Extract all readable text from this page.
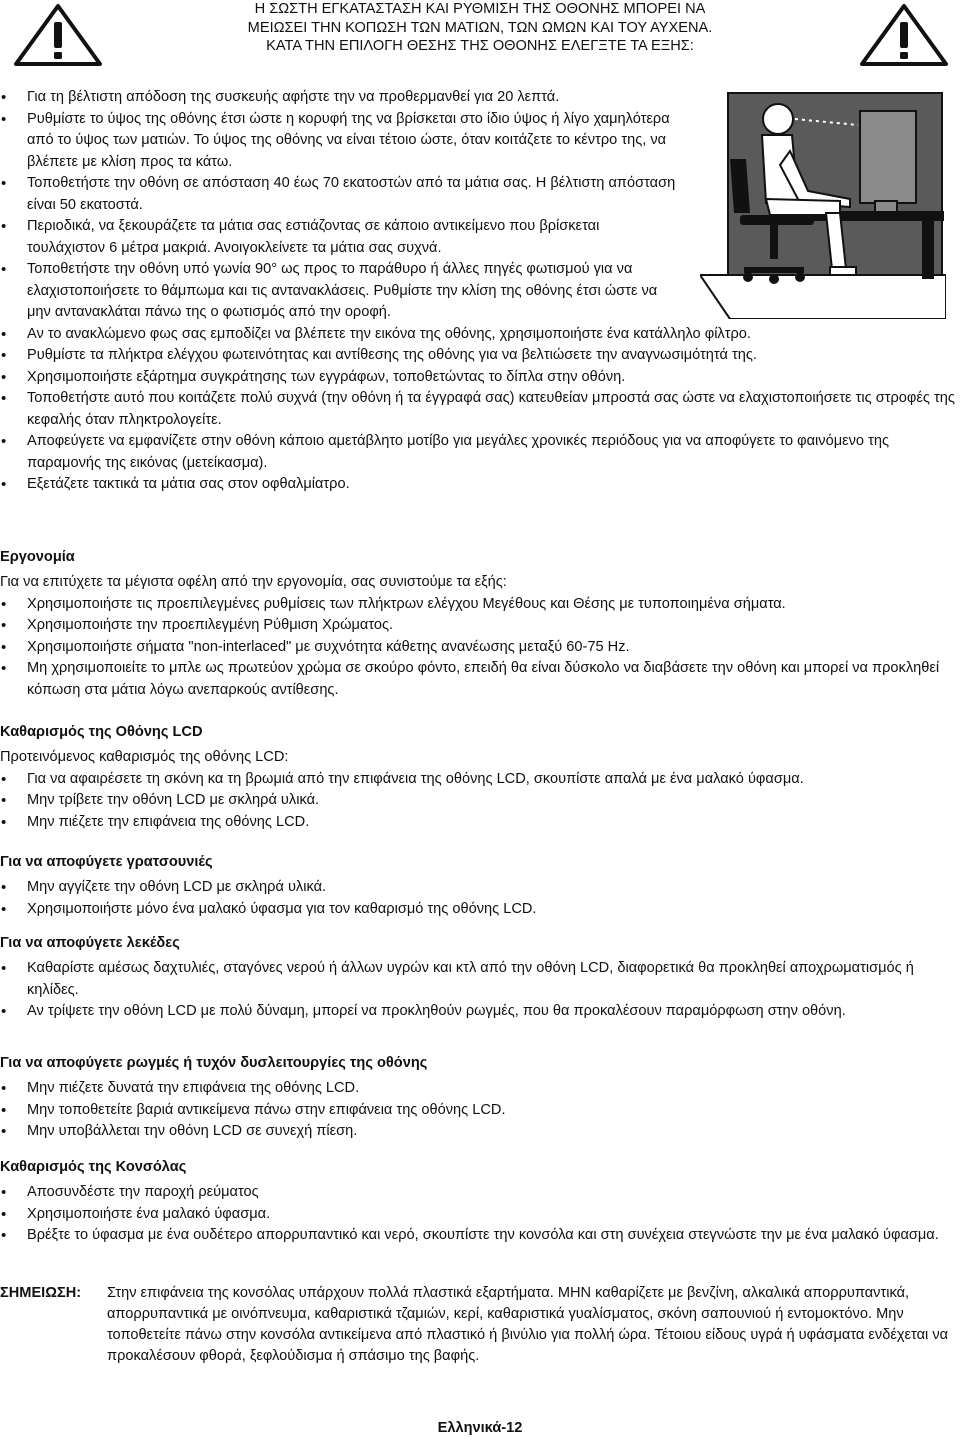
Η ΣΩΣΤΗ ΕΓΚΑΤΑΣΤΑΣΗ ΚΑΙ ΡΥΘΜΙΣΗ ΤΗΣ ΟΘΟΝΗΣ ΜΠΟΡΕΙ ΝΑ
ΜΕΙΩΣΕΙ ΤΗΝ ΚΟΠΩΣΗ ΤΩΝ ΜΑΤΙΩΝ, ΤΩΝ ΩΜΩΝ ΚΑΙ ΤΟΥ ΑΥΧΕΝΑ.
ΚΑΤΑ ΤΗΝ ΕΠΙΛΟΓΗ ΘΕΣΗΣ ΤΗΣ ΟΘΟΝΗΣ ΕΛΕΓΞΤΕ ΤΑ ΕΞΗΣ:
• Για τη βέλτιστη απόδοση της συσκευής αφήστε την να προθερμανθεί για 20 λεπτά.
• Ρυθμίστε το ύψος της οθόνης έτσι ώστε η κορυφή της να βρίσκεται στο ίδιο ύψος ή λίγο χαμηλότερα από το ύψος των ματιών. Το ύψος της οθόνης να είναι τέτοιο ώστε, όταν κοιτάζετε το κέντρο της, να βλέπετε με κλίση προς τα κάτω.
• Τοποθετήστε την οθόνη σε απόσταση 40 έως 70 εκατοστών από τα μάτια σας. Η βέλτιστη απόσταση είναι 50 εκατοστά.
• Περιοδικά, να ξεκουράζετε τα μάτια σας εστιάζοντας σε κάποιο αντικείμενο που βρίσκεται τουλάχιστον 6 μέτρα μακριά. Ανοιγοκλείνετε τα μάτια σας συχνά.
• Τοποθετήστε την οθόνη υπό γωνία 90° ως προς το παράθυρο ή άλλες πηγές φωτισμού για να ελαχιστοποιήσετε το θάμπωμα και τις αντανακλάσεις. Ρυθμίστε την κλίση της οθόνης έτσι ώστε να μην αντανακλάται πάνω της ο φωτισμός από την οροφή.
• Αν το ανακλώμενο φως σας εμποδίζει να βλέπετε την εικόνα της οθόνης, χρησιμοποιήστε ένα κατάλληλο φίλτρο.
• Ρυθμίστε τα πλήκτρα ελέγχου φωτεινότητας και αντίθεσης της οθόνης για να βελτιώσετε την αναγνωσιμότητά της.
• Χρησιμοποιήστε εξάρτημα συγκράτησης των εγγράφων, τοποθετώντας το δίπλα στην οθόνη.
• Τοποθετήστε αυτό που κοιτάζετε πολύ συχνά (την οθόνη ή τα έγγραφά σας) κατευθείαν μπροστά σας ώστε να ελαχιστοποιήσετε τις στροφές της κεφαλής όταν πληκτρολογείτε.
• Αποφεύγετε να εμφανίζετε στην οθόνη κάποιο αμετάβλητο μοτίβο για μεγάλες χρονικές περιόδους για να αποφύγετε το φαινόμενο της παραμονής της εικόνας (μετείκασμα).
• Εξετάζετε τακτικά τα μάτια σας στον οφθαλμίατρο.
Εργονομία
Για να επιτύχετε τα μέγιστα οφέλη από την εργονομία, σας συνιστούμε τα εξής:
• Χρησιμοποιήστε τις προεπιλεγμένες ρυθμίσεις των πλήκτρων ελέγχου Μεγέθους και Θέσης με τυποποιημένα σήματα.
• Χρησιμοποιήστε την προεπιλεγμένη Ρύθμιση Χρώματος.
• Χρησιμοποιήστε σήματα "non-interlaced" με συχνότητα κάθετης ανανέωσης μεταξύ 60-75 Hz.
• Μη χρησιμοποιείτε το μπλε ως πρωτεύον χρώμα σε σκούρο φόντο, επειδή θα είναι δύσκολο να διαβάσετε την οθόνη και μπορεί να προκληθεί κόπωση στα μάτια λόγω ανεπαρκούς αντίθεσης.
Καθαρισμός της Οθόνης LCD
Προτεινόμενος καθαρισμός της οθόνης LCD:
• Για να αφαιρέσετε τη σκόνη κα τη βρωμιά από την επιφάνεια της οθόνης LCD, σκουπίστε απαλά με ένα μαλακό ύφασμα.
• Μην τρίβετε την οθόνη LCD με σκληρά υλικά.
• Μην πιέζετε την επιφάνεια της οθόνης LCD.
Για να αποφύγετε γρατσουνιές
• Μην αγγίζετε την οθόνη LCD με σκληρά υλικά.
• Χρησιμοποιήστε μόνο ένα μαλακό ύφασμα για τον καθαρισμό της οθόνης LCD.
Για να αποφύγετε λεκέδες
• Καθαρίστε αμέσως δαχτυλιές, σταγόνες νερού ή άλλων υγρών και κτλ από την οθόνη LCD, διαφορετικά θα προκληθεί αποχρωματισμός ή κηλίδες.
• Αν τρίψετε την οθόνη LCD με πολύ δύναμη, μπορεί να προκληθούν ρωγμές, που θα προκαλέσουν παραμόρφωση στην οθόνη.
Για να αποφύγετε ρωγμές ή τυχόν δυσλειτουργίες της οθόνης
• Μην πιέζετε δυνατά την επιφάνεια της οθόνης LCD.
• Μην τοποθετείτε βαριά αντικείμενα πάνω στην επιφάνεια της οθόνης LCD.
• Μην υποβάλλεται την οθόνη LCD σε συνεχή πίεση.
Καθαρισμός της Κονσόλας
• Αποσυνδέστε την παροχή ρεύματος
• Χρησιμοποιήστε ένα μαλακό ύφασμα.
• Βρέξτε το ύφασμα με ένα ουδέτερο απορρυπαντικό και νερό, σκουπίστε την κονσόλα και στη συνέχεια στεγνώστε την με ένα μαλακό ύφασμα.
ΣΗΜΕΙΩΣΗ: Στην επιφάνεια της κονσόλας υπάρχουν πολλά πλαστικά εξαρτήματα. ΜΗΝ καθαρίζετε με βενζίνη, αλκαλικά απορρυπαντικά, απορρυπαντικά με οινόπνευμα, καθαριστικά τζαμιών, κερί, καθαριστικά γυαλίσματος, σκόνη σαπουνιού ή εντομοκτόνο. Μην τοποθετείτε πάνω στην κονσόλα αντικείμενα από πλαστικό ή βινύλιο για πολλή ώρα. Τέτοιου είδους υγρά ή υφάσματα ενδέχεται να προκαλέσουν φθορά, ξεφλούδισμα ή σπάσιμο της βαφής.
Ελληνικά-12
